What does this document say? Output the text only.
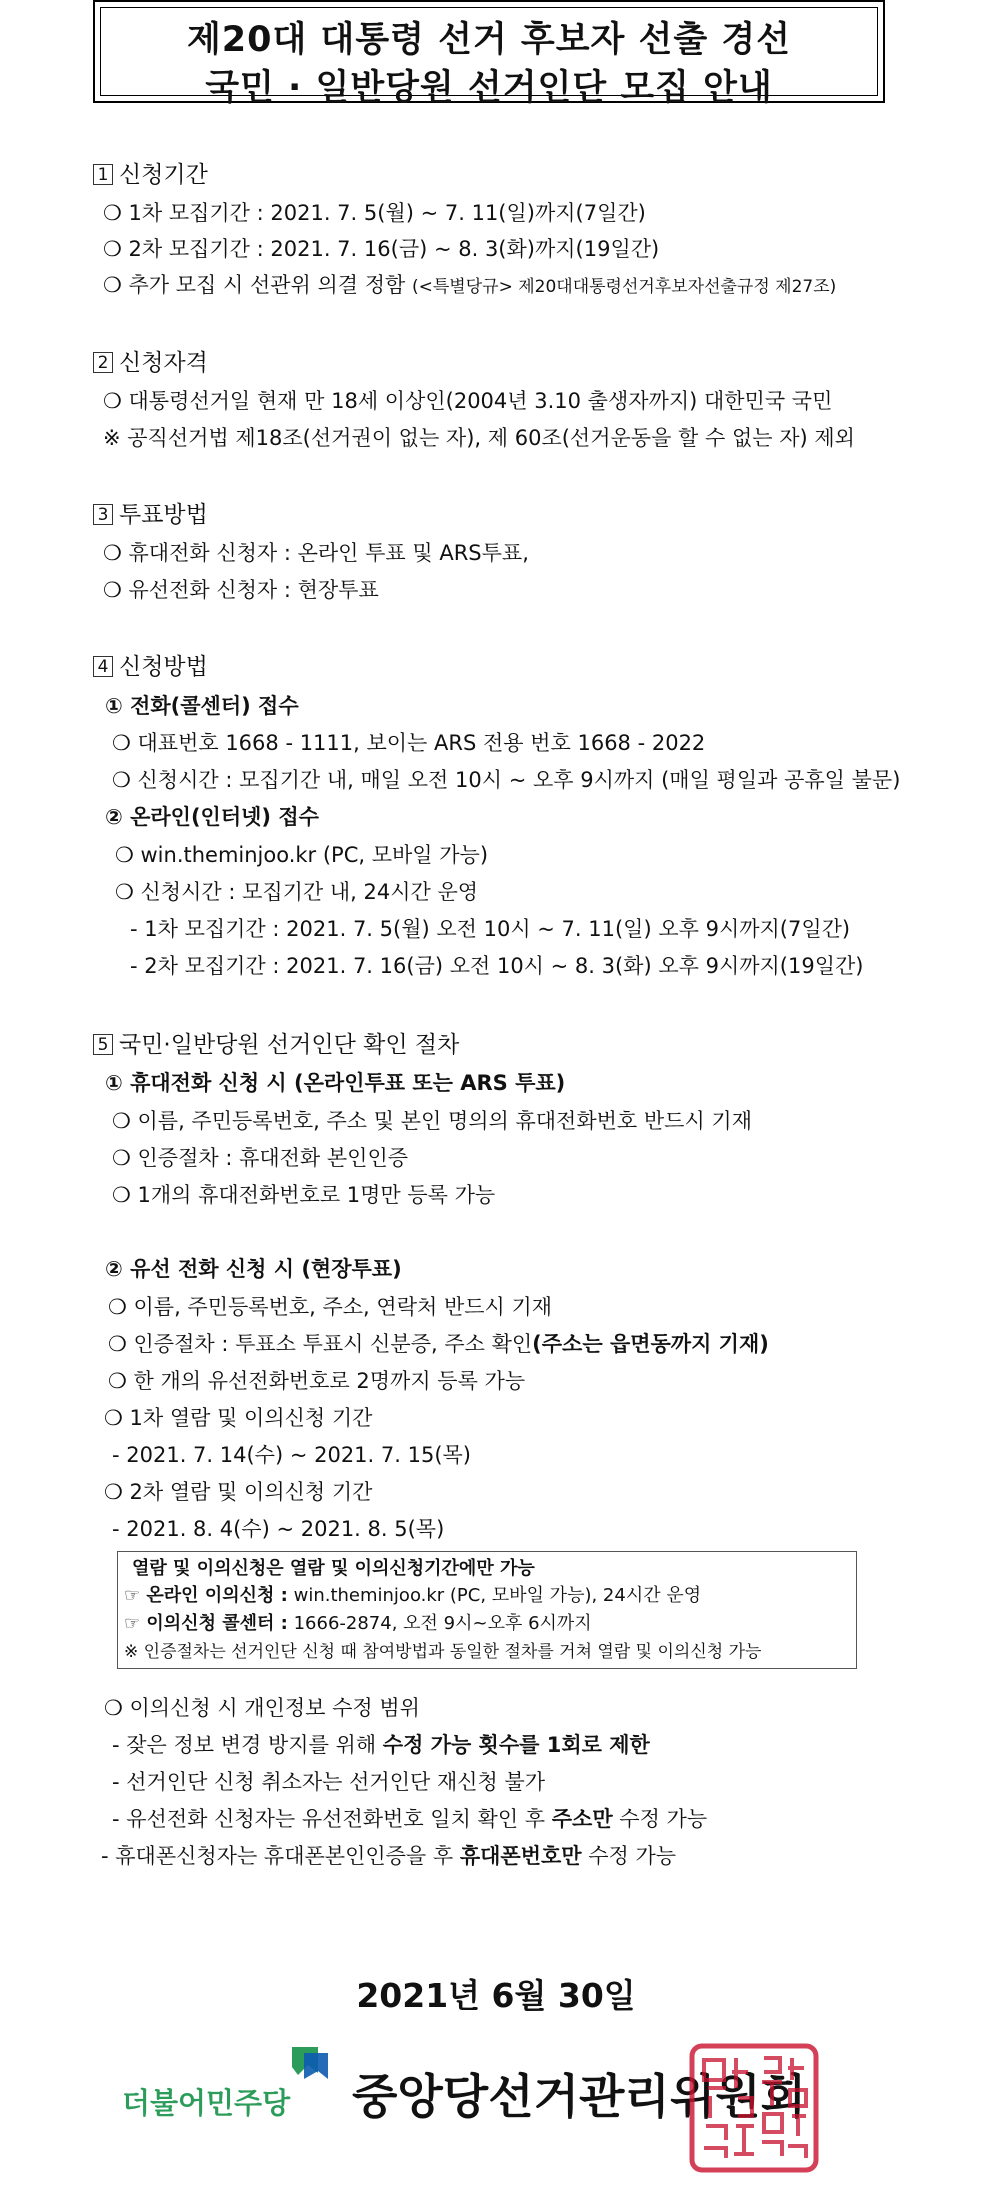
제20대 대통령 선거 후보자 선출 경선
국민 · 일반당원 선거인단 모집 안내
1 신청기간
❍ 1차 모집기간 : 2021. 7. 5(월) ~ 7. 11(일)까지(7일간)
❍ 2차 모집기간 : 2021. 7. 16(금) ~ 8. 3(화)까지(19일간)
❍ 추가 모집 시 선관위 의결 정함 (<특별당규> 제20대대통령선거후보자선출규정 제27조)
2 신청자격
❍ 대통령선거일 현재 만 18세 이상인(2004년 3.10 출생자까지) 대한민국 국민
※ 공직선거법 제18조(선거권이 없는 자), 제 60조(선거운동을 할 수 없는 자) 제외
3 투표방법
❍ 휴대전화 신청자 : 온라인 투표 및 ARS투표,
❍ 유선전화 신청자 : 현장투표
4 신청방법
① 전화(콜센터) 접수
❍ 대표번호 1668 - 1111, 보이는 ARS 전용 번호 1668 - 2022
❍ 신청시간 : 모집기간 내, 매일 오전 10시 ~ 오후 9시까지 (매일 평일과 공휴일 불문)
② 온라인(인터넷) 접수
❍ win.theminjoo.kr (PC, 모바일 가능)
❍ 신청시간 : 모집기간 내, 24시간 운영
- 1차 모집기간 : 2021. 7. 5(월) 오전 10시 ~ 7. 11(일) 오후 9시까지(7일간)
- 2차 모집기간 : 2021. 7. 16(금) 오전 10시 ~ 8. 3(화) 오후 9시까지(19일간)
5 국민·일반당원 선거인단 확인 절차
① 휴대전화 신청 시 (온라인투표 또는 ARS 투표)
❍ 이름, 주민등록번호, 주소 및 본인 명의의 휴대전화번호 반드시 기재
❍ 인증절차 : 휴대전화 본인인증
❍ 1개의 휴대전화번호로 1명만 등록 가능
② 유선 전화 신청 시 (현장투표)
❍ 이름, 주민등록번호, 주소, 연락처 반드시 기재
❍ 인증절차 : 투표소 투표시 신분증, 주소 확인(주소는 읍면동까지 기재)
❍ 한 개의 유선전화번호로 2명까지 등록 가능
❍ 1차 열람 및 이의신청 기간
- 2021. 7. 14(수) ~ 2021. 7. 15(목)
❍ 2차 열람 및 이의신청 기간
- 2021. 8. 4(수) ~ 2021. 8. 5(목)
열람 및 이의신청은 열람 및 이의신청기간에만 가능
☞ 온라인 이의신청 : win.theminjoo.kr (PC, 모바일 가능), 24시간 운영
☞ 이의신청 콜센터 : 1666-2874, 오전 9시~오후 6시까지
※ 인증절차는 선거인단 신청 때 참여방법과 동일한 절차를 거쳐 열람 및 이의신청 가능
❍ 이의신청 시 개인정보 수정 범위
- 잦은 정보 변경 방지를 위해 수정 가능 횟수를 1회로 제한
- 선거인단 신청 취소자는 선거인단 재신청 불가
- 유선전화 신청자는 유선전화번호 일치 확인 후 주소만 수정 가능
- 휴대폰신청자는 휴대폰본인인증을 후 휴대폰번호만 수정 가능
2021년 6월 30일
더불어민주당 중앙당선거관리위원회
